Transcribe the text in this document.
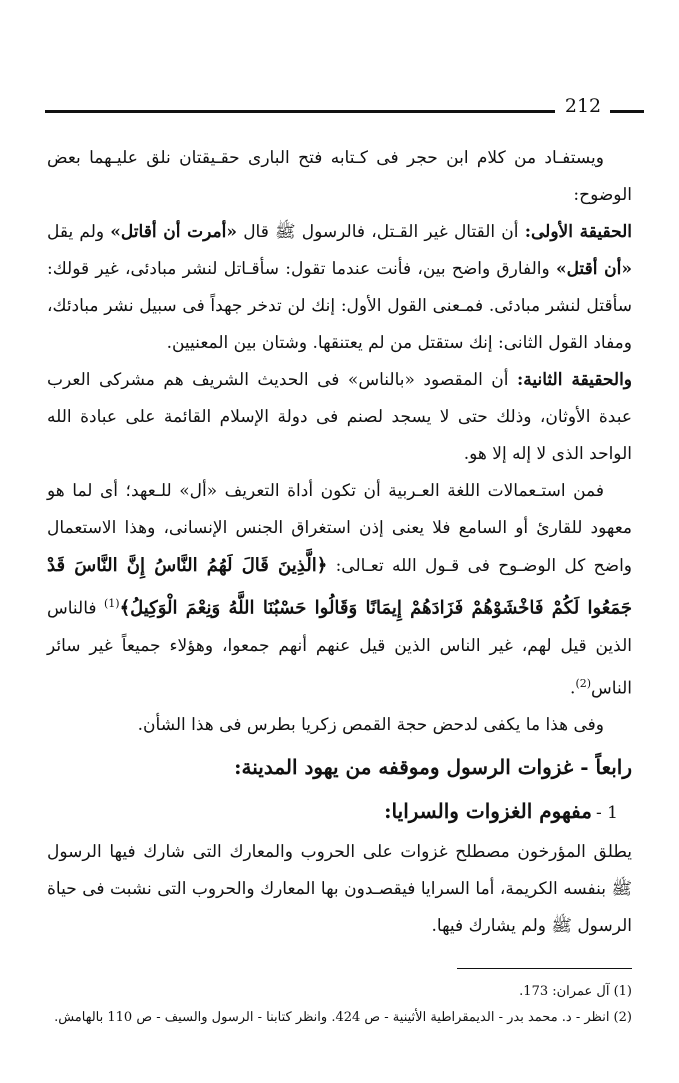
212

ويستفـاد من كلام ابن حجر فى كـتابه فتح البارى حقـيقتان نلق عليـهما بعض الوضوح:

الحقيقة الأولى: أن القتال غير القـتل، فالرسول ﷺ قال «أمرت أن أقاتل» ولم يقل «أن أقتل» والفارق واضح بين، فأنت عندما تقول: سأقـاتل لنشر مبادئى، غير قولك: سأقتل لنشر مبادئى. فمـعنى القول الأول: إنك لن تدخر جهداً فى سبيل نشر مبادئك، ومفاد القول الثانى: إنك ستقتل من لم يعتنقها. وشتان بين المعنيين.

والحقيقة الثانية: أن المقصود «بالناس» فى الحديث الشريف هم مشركى العرب عبدة الأوثان، وذلك حتى لا يسجد لصنم فى دولة الإسلام القائمة على عبادة الله الواحد الذى لا إله إلا هو.

فمن استـعمالات اللغة العـربية أن تكون أداة التعريف «أل» للـعهد؛ أى لما هو معهود للقارئ أو السامع فلا يعنى إذن استغراق الجنس الإنسانى، وهذا الاستعمال واضح كل الوضـوح فى قـول الله تعـالى: ﴿الَّذِينَ قَالَ لَهُمُ النَّاسُ إِنَّ النَّاسَ قَدْ جَمَعُوا لَكُمْ فَاخْشَوْهُمْ فَزَادَهُمْ إِيمَانًا وَقَالُوا حَسْبُنَا اللَّهُ وَنِعْمَ الْوَكِيلُ﴾$^{(1)}$ فالناس الذين قيل لهم، غير الناس الذين قيل عنهم أنهم جمعوا، وهؤلاء جميعاً غير سائر الناس$^{(2)}$.

وفى هذا ما يكفى لدحض حجة القمص زكريا بطرس فى هذا الشأن.

رابعاً - غزوات الرسول وموقفه من يهود المدينة:
1 -مفهوم الغزوات والسرايا:

يطلق المؤرخون مصطلح غزوات على الحروب والمعارك التى شارك فيها الرسول ﷺ بنفسه الكريمة، أما السرايا فيقصـدون بها المعارك والحروب التى نشبت فى حياة الرسول ﷺ ولم يشارك فيها.

(1) آل عمران: 173.

(2) انظر - د. محمد بدر - الديمقراطية الأثينية - ص 424. وانظر كتابنا - الرسول والسيف - ص 110 بالهامش.
